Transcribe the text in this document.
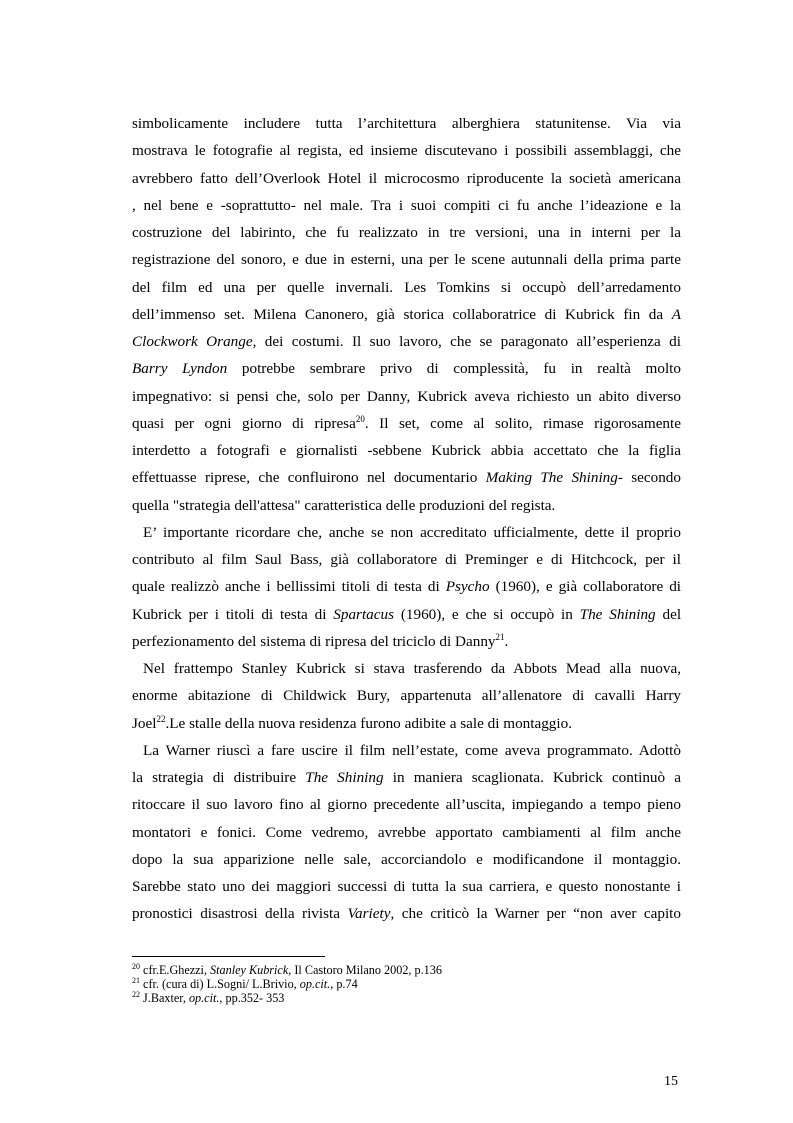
simbolicamente includere tutta l’architettura alberghiera statunitense. Via via
mostrava le fotografie al regista, ed insieme discutevano i possibili assemblaggi, che
avrebbero fatto dell’Overlook Hotel il microcosmo riproducente la società americana
, nel bene e -soprattutto- nel male. Tra i suoi compiti ci fu anche l’ideazione e la
costruzione del labirinto, che fu realizzato in tre versioni, una in interni per la
registrazione del sonoro, e due in esterni, una per le scene autunnali della prima parte
del film ed una per quelle invernali. Les Tomkins si occupò dell’arredamento
dell’immenso set. Milena Canonero, già storica collaboratrice di Kubrick fin da A
Clockwork Orange, dei costumi. Il suo lavoro, che se paragonato all’esperienza di
Barry Lyndon potrebbe sembrare privo di complessità, fu in realtà molto
impegnativo: si pensi che, solo per Danny, Kubrick aveva richiesto un abito diverso
quasi per ogni giorno di ripresa$^{20}$. Il set, come al solito, rimase rigorosamente
interdetto a fotografi e giornalisti -sebbene Kubrick abbia accettato che la figlia
effettuasse riprese, che confluirono nel documentario Making The Shining- secondo
quella "strategia dell'attesa" caratteristica delle produzioni del regista.
E’ importante ricordare che, anche se non accreditato ufficialmente, dette il proprio
contributo al film Saul Bass, già collaboratore di Preminger e di Hitchcock, per il
quale realizzò anche i bellissimi titoli di testa di Psycho (1960), e già collaboratore di
Kubrick per i titoli di testa di Spartacus (1960), e che si occupò in The Shining del
perfezionamento del sistema di ripresa del triciclo di Danny$^{21}$.
Nel frattempo Stanley Kubrick si stava trasferendo da Abbots Mead alla nuova,
enorme abitazione di Childwick Bury, appartenuta all’allenatore di cavalli Harry
Joel$^{22}$.Le stalle della nuova residenza furono adibite a sale di montaggio.
La Warner riuscì a fare uscire il film nell’estate, come aveva programmato. Adottò
la strategia di distribuire The Shining in maniera scaglionata. Kubrick continuò a
ritoccare il suo lavoro fino al giorno precedente all’uscita, impiegando a tempo pieno
montatori e fonici. Come vedremo, avrebbe apportato cambiamenti al film anche
dopo la sua apparizione nelle sale, accorciandolo e modificandone il montaggio.
Sarebbe stato uno dei maggiori successi di tutta la sua carriera, e questo nonostante i
pronostici disastrosi della rivista Variety, che criticò la Warner per “non aver capito
$^{20}$ cfr.E.Ghezzi, Stanley Kubrick, Il Castoro Milano 2002, p.136
$^{21}$ cfr. (cura di) L.Sogni/ L.Brivio, op.cit., p.74
$^{22}$ J.Baxter, op.cit., pp.352- 353
15
